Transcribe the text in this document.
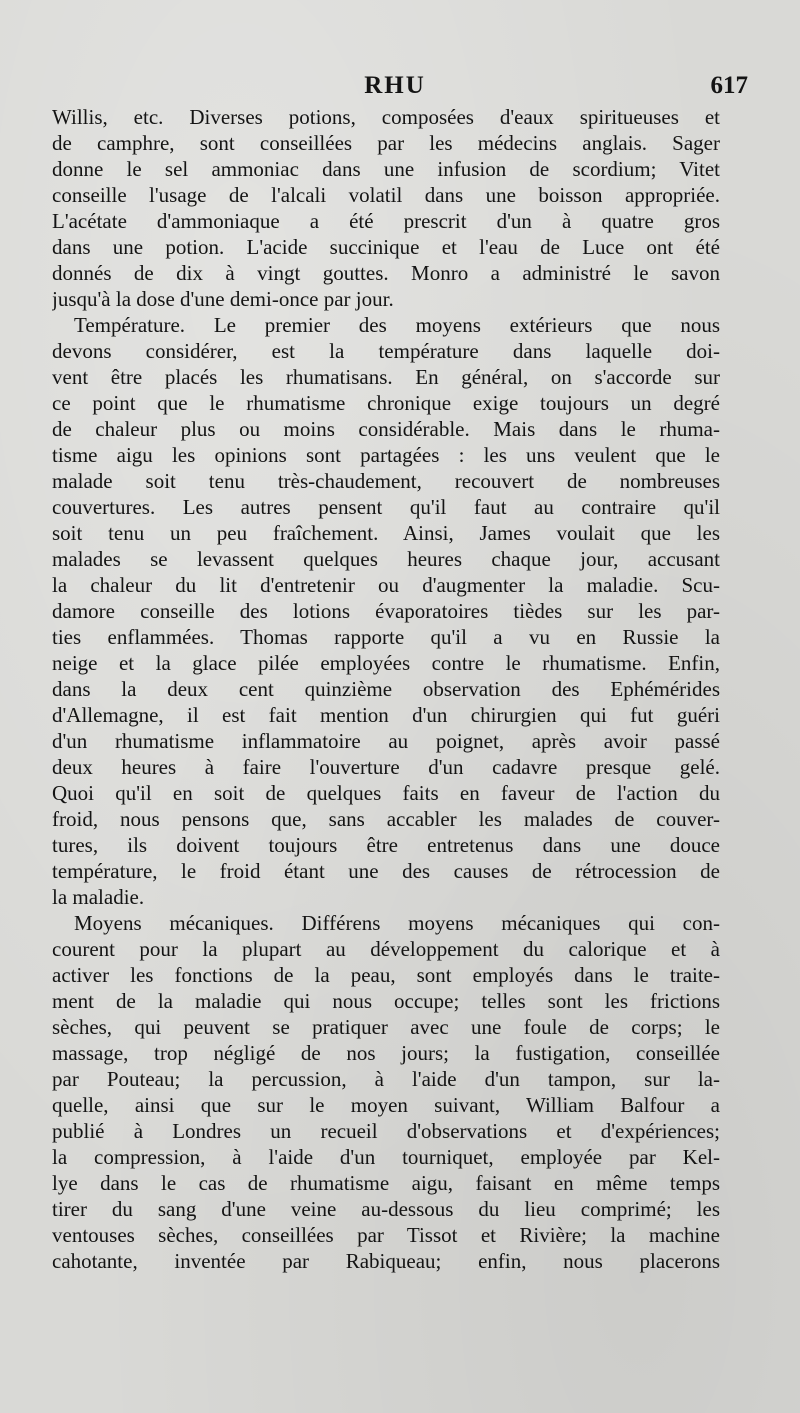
RHU	617
Willis, etc. Diverses potions, composées d'eaux spiritueuses et
de camphre, sont conseillées par les médecins anglais. Sager
donne le sel ammoniac dans une infusion de scordium; Vitet
conseille l'usage de l'alcali volatil dans une boisson appropriée.
L'acétate d'ammoniaque a été prescrit d'un à quatre gros
dans une potion. L'acide succinique et l'eau de Luce ont été
donnés de dix à vingt gouttes. Monro a administré le savon
jusqu'à la dose d'une demi-once par jour.
Température. Le premier des moyens extérieurs que nous
devons considérer, est la température dans laquelle doi-
vent être placés les rhumatisans. En général, on s'accorde sur
ce point que le rhumatisme chronique exige toujours un degré
de chaleur plus ou moins considérable. Mais dans le rhuma-
tisme aigu les opinions sont partagées : les uns veulent que le
malade soit tenu très-chaudement, recouvert de nombreuses
couvertures. Les autres pensent qu'il faut au contraire qu'il
soit tenu un peu fraîchement. Ainsi, James voulait que les
malades se levassent quelques heures chaque jour, accusant
la chaleur du lit d'entretenir ou d'augmenter la maladie. Scu-
damore conseille des lotions évaporatoires tièdes sur les par-
ties enflammées. Thomas rapporte qu'il a vu en Russie la
neige et la glace pilée employées contre le rhumatisme. Enfin,
dans la deux cent quinzième observation des Ephémérides
d'Allemagne, il est fait mention d'un chirurgien qui fut guéri
d'un rhumatisme inflammatoire au poignet, après avoir passé
deux heures à faire l'ouverture d'un cadavre presque gelé.
Quoi qu'il en soit de quelques faits en faveur de l'action du
froid, nous pensons que, sans accabler les malades de couver-
tures, ils doivent toujours être entretenus dans une douce
température, le froid étant une des causes de rétrocession de
la maladie.
Moyens mécaniques. Différens moyens mécaniques qui con-
courent pour la plupart au développement du calorique et à
activer les fonctions de la peau, sont employés dans le traite-
ment de la maladie qui nous occupe; telles sont les frictions
sèches, qui peuvent se pratiquer avec une foule de corps; le
massage, trop négligé de nos jours; la fustigation, conseillée
par Pouteau; la percussion, à l'aide d'un tampon, sur la-
quelle, ainsi que sur le moyen suivant, William Balfour a
publié à Londres un recueil d'observations et d'expériences;
la compression, à l'aide d'un tourniquet, employée par Kel-
lye dans le cas de rhumatisme aigu, faisant en même temps
tirer du sang d'une veine au-dessous du lieu comprimé; les
ventouses sèches, conseillées par Tissot et Rivière; la machine
cahotante, inventée par Rabiqueau; enfin, nous placerons
